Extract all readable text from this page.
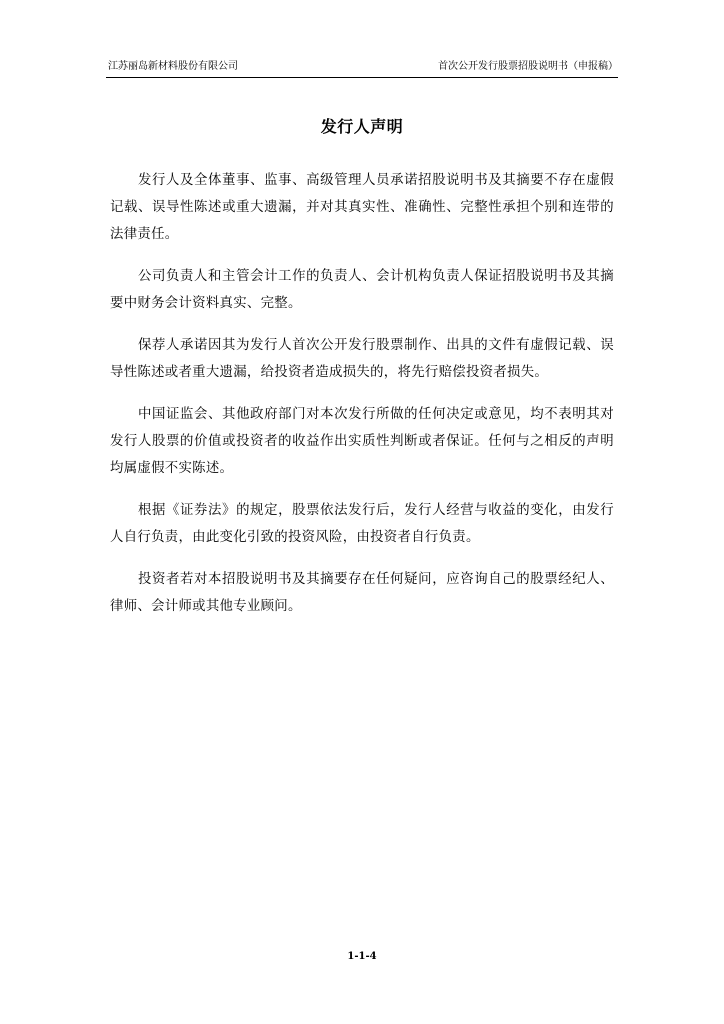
江苏丽岛新材料股份有限公司	首次公开发行股票招股说明书（申报稿）
发行人声明

发行人及全体董事、监事、高级管理人员承诺招股说明书及其摘要不存在虚假记载、误导性陈述或重大遗漏，并对其真实性、准确性、完整性承担个别和连带的法律责任。

公司负责人和主管会计工作的负责人、会计机构负责人保证招股说明书及其摘要中财务会计资料真实、完整。

保荐人承诺因其为发行人首次公开发行股票制作、出具的文件有虚假记载、误导性陈述或者重大遗漏，给投资者造成损失的，将先行赔偿投资者损失。

中国证监会、其他政府部门对本次发行所做的任何决定或意见，均不表明其对发行人股票的价值或投资者的收益作出实质性判断或者保证。任何与之相反的声明均属虚假不实陈述。

根据《证券法》的规定，股票依法发行后，发行人经营与收益的变化，由发行人自行负责，由此变化引致的投资风险，由投资者自行负责。

投资者若对本招股说明书及其摘要存在任何疑问，应咨询自己的股票经纪人、律师、会计师或其他专业顾问。

1-1-4
